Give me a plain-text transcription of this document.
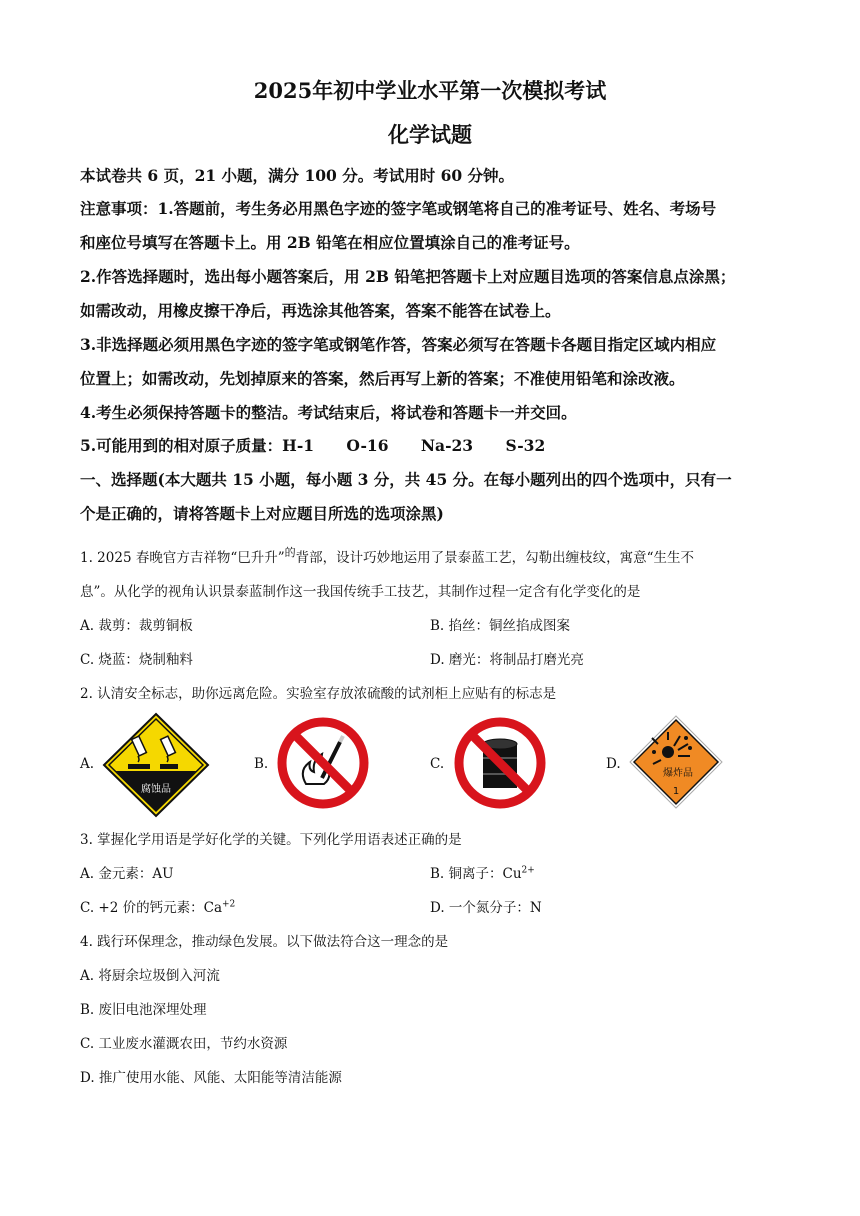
2025年初中学业水平第一次模拟考试
化学试题
本试卷共 6 页，21 小题，满分 100 分。考试用时 60 分钟。
注意事项：1.答题前，考生务必用黑色字迹的签字笔或钢笔将自己的准考证号、姓名、考场号
和座位号填写在答题卡上。用 2B 铅笔在相应位置填涂自己的准考证号。
2.作答选择题时，选出每小题答案后，用 2B 铅笔把答题卡上对应题目选项的答案信息点涂黑；
如需改动，用橡皮擦干净后，再选涂其他答案，答案不能答在试卷上。
3.非选择题必须用黑色字迹的签字笔或钢笔作答，答案必须写在答题卡各题目指定区域内相应
位置上；如需改动，先划掉原来的答案，然后再写上新的答案；不准使用铅笔和涂改液。
4.考生必须保持答题卡的整洁。考试结束后，将试卷和答题卡一并交回。
5.可能用到的相对原子质量：H-1      O-16      Na-23      S-32
一、选择题(本大题共 15 小题，每小题 3 分，共 45 分。在每小题列出的四个选项中，只有一
个是正确的，请将答题卡上对应题目所选的选项涂黑)
1. 2025 春晚官方吉祥物“巳升升”$^的$背部，设计巧妙地运用了景泰蓝工艺，勾勒出缠枝纹，寓意“生生不
息”。从化学的视角认识景泰蓝制作这一我国传统手工技艺，其制作过程一定含有化学变化的是
A. 裁剪：裁剪铜板	B. 掐丝：铜丝掐成图案
C. 烧蓝：烧制釉料	D. 磨光：将制品打磨光亮
2. 认清安全标志，助你远离危险。实验室存放浓硫酸的试剂柜上应贴有的标志是
A.	B.	C.	D.
腐蚀品
爆炸品
1
3. 掌握化学用语是学好化学的关键。下列化学用语表述正确的是
A. 金元素：AU	B. 铜离子：$Cu^{2+}$
C. +2 价的钙元素：$Ca^{+2}$	D. 一个氮分子：N
4. 践行环保理念，推动绿色发展。以下做法符合这一理念的是
A. 将厨余垃圾倒入河流
B. 废旧电池深埋处理
C. 工业废水灌溉农田，节约水资源
D. 推广使用水能、风能、太阳能等清洁能源
